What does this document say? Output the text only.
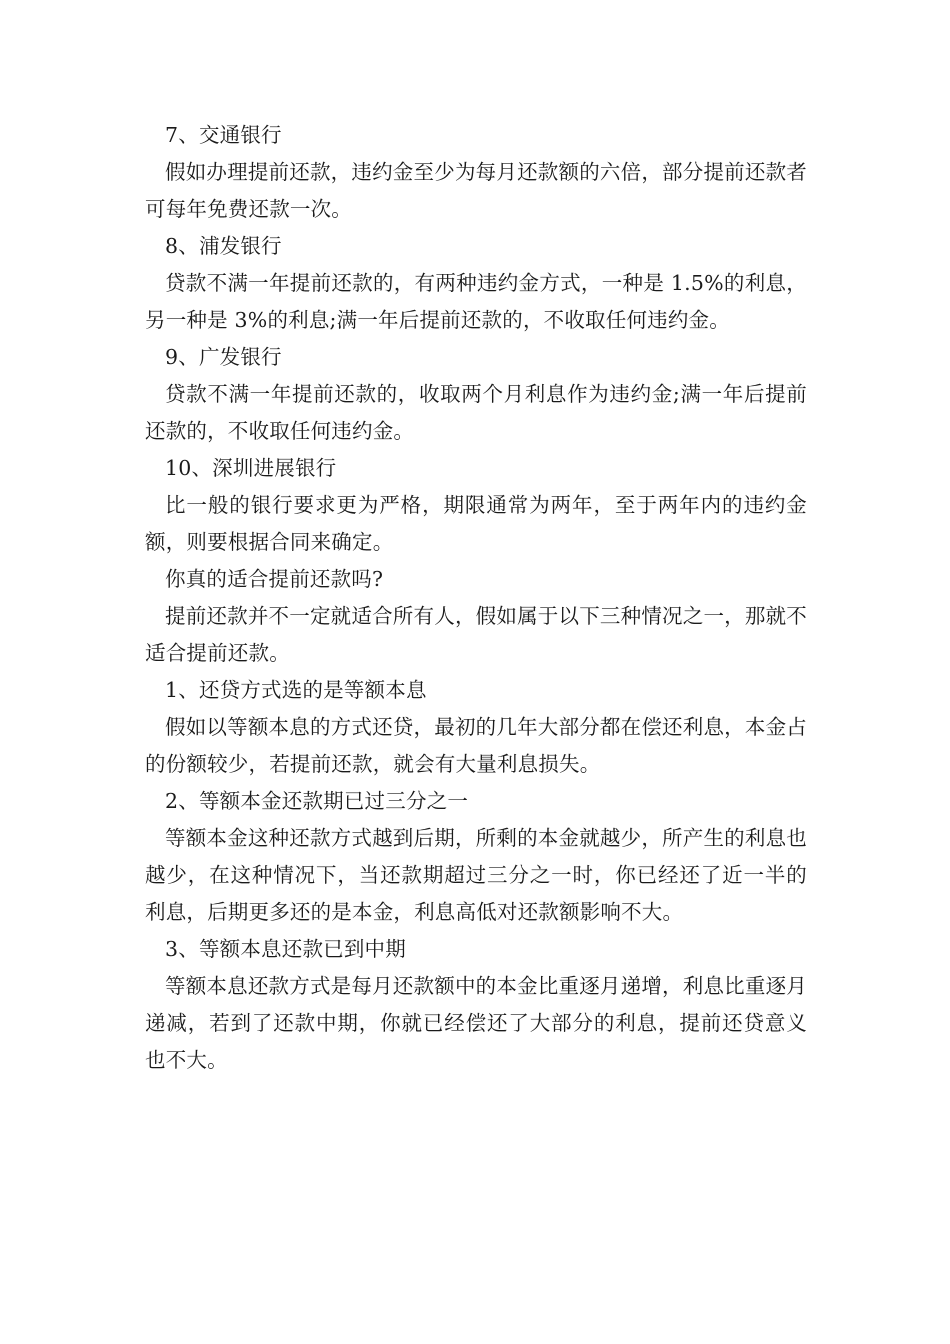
7、交通银行

假如办理提前还款，违约金至少为每月还款额的六倍，部分提前还款者可每年免费还款一次。

8、浦发银行

贷款不满一年提前还款的，有两种违约金方式，一种是 1.5%的利息，另一种是 3%的利息;满一年后提前还款的，不收取任何违约金。

9、广发银行

贷款不满一年提前还款的，收取两个月利息作为违约金;满一年后提前还款的，不收取任何违约金。

10、深圳进展银行

比一般的银行要求更为严格，期限通常为两年，至于两年内的违约金额，则要根据合同来确定。

你真的适合提前还款吗?

提前还款并不一定就适合所有人，假如属于以下三种情况之一，那就不适合提前还款。

1、还贷方式选的是等额本息

假如以等额本息的方式还贷，最初的几年大部分都在偿还利息，本金占的份额较少，若提前还款，就会有大量利息损失。

2、等额本金还款期已过三分之一

等额本金这种还款方式越到后期，所剩的本金就越少，所产生的利息也越少，在这种情况下，当还款期超过三分之一时，你已经还了近一半的利息，后期更多还的是本金，利息高低对还款额影响不大。

3、等额本息还款已到中期

等额本息还款方式是每月还款额中的本金比重逐月递增，利息比重逐月递减，若到了还款中期，你就已经偿还了大部分的利息，提前还贷意义也不大。
